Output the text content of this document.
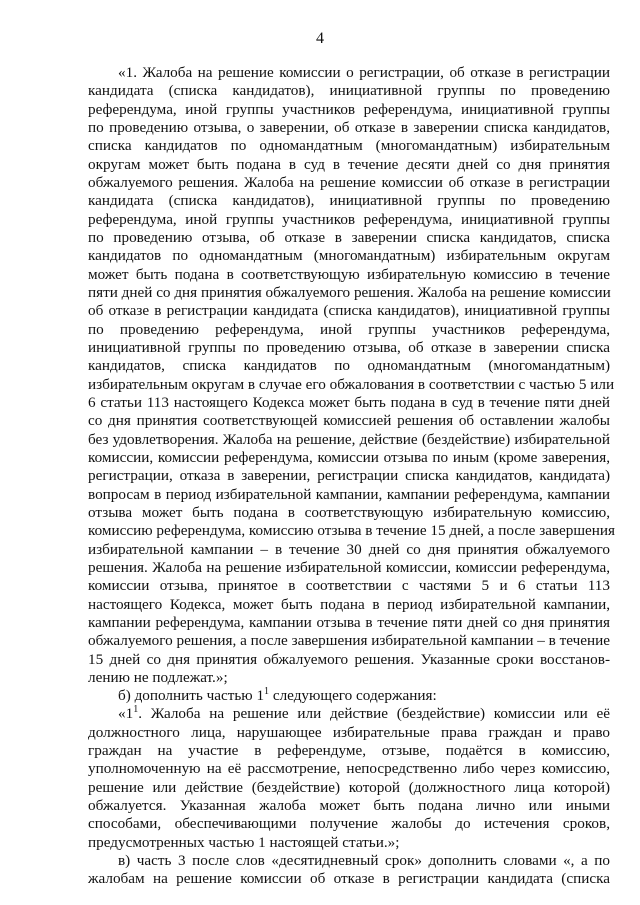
4
«1. Жалоба на решение комиссии о регистрации, об отказе в регистрации
кандидата (списка кандидатов), инициативной группы по проведению
референдума, иной группы участников референдума, инициативной группы
по проведению отзыва, о заверении, об отказе в заверении списка кандидатов,
списка кандидатов по одномандатным (многомандатным) избирательным
округам может быть подана в суд в течение десяти дней со дня принятия
обжалуемого решения. Жалоба на решение комиссии об отказе в регистрации
кандидата (списка кандидатов), инициативной группы по проведению
референдума, иной группы участников референдума, инициативной группы
по проведению отзыва, об отказе в заверении списка кандидатов, списка
кандидатов по одномандатным (многомандатным) избирательным округам
может быть подана в соответствующую избирательную комиссию в течение
пяти дней со дня принятия обжалуемого решения. Жалоба на решение комиссии
об отказе в регистрации кандидата (списка кандидатов), инициативной группы
по проведению референдума, иной группы участников референдума,
инициативной группы по проведению отзыва, об отказе в заверении списка
кандидатов, списка кандидатов по одномандатным (многомандатным)
избирательным округам в случае его обжалования в соответствии с частью 5 или
6 статьи 113 настоящего Кодекса может быть подана в суд в течение пяти дней
со дня принятия соответствующей комиссией решения об оставлении жалобы
без удовлетворения. Жалоба на решение, действие (бездействие) избирательной
комиссии, комиссии референдума, комиссии отзыва по иным (кроме заверения,
регистрации, отказа в заверении, регистрации списка кандидатов, кандидата)
вопросам в период избирательной кампании, кампании референдума, кампании
отзыва может быть подана в соответствующую избирательную комиссию,
комиссию референдума, комиссию отзыва в течение 15 дней, а после завершения
избирательной кампании – в течение 30 дней со дня принятия обжалуемого
решения. Жалоба на решение избирательной комиссии, комиссии референдума,
комиссии отзыва, принятое в соответствии с частями 5 и 6 статьи 113
настоящего Кодекса, может быть подана в период избирательной кампании,
кампании референдума, кампании отзыва в течение пяти дней со дня принятия
обжалуемого решения, а после завершения избирательной кампании – в течение
15 дней со дня принятия обжалуемого решения. Указанные сроки восстанов-
лению не подлежат.»;
б) дополнить частью $1^1$ следующего содержания:
«$1^1$. Жалоба на решение или действие (бездействие) комиссии или её
должностного лица, нарушающее избирательные права граждан и право
граждан на участие в референдуме, отзыве, подаётся в комиссию,
уполномоченную на её рассмотрение, непосредственно либо через комиссию,
решение или действие (бездействие) которой (должностного лица которой)
обжалуется. Указанная жалоба может быть подана лично или иными
способами, обеспечивающими получение жалобы до истечения сроков,
предусмотренных частью 1 настоящей статьи.»;
в) часть 3 после слов «десятидневный срок» дополнить словами «, а по
жалобам на решение комиссии об отказе в регистрации кандидата (списка
